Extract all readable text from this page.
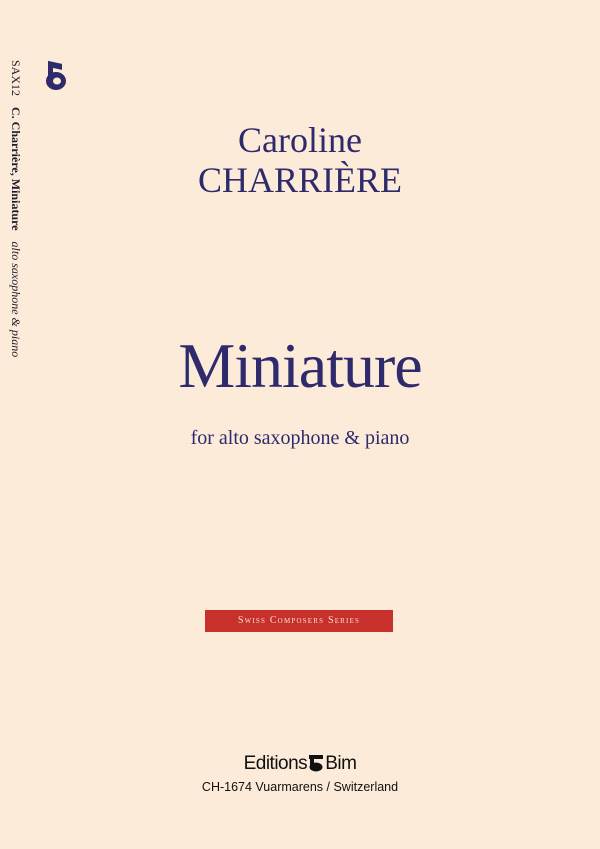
SAX12 C. Charrière, Miniature alto saxophone & piano
Caroline
CHARRIÈRE
Miniature
for alto saxophone & piano
Swiss Composers Series
Editions Bim
CH-1674 Vuarmarens / Switzerland
